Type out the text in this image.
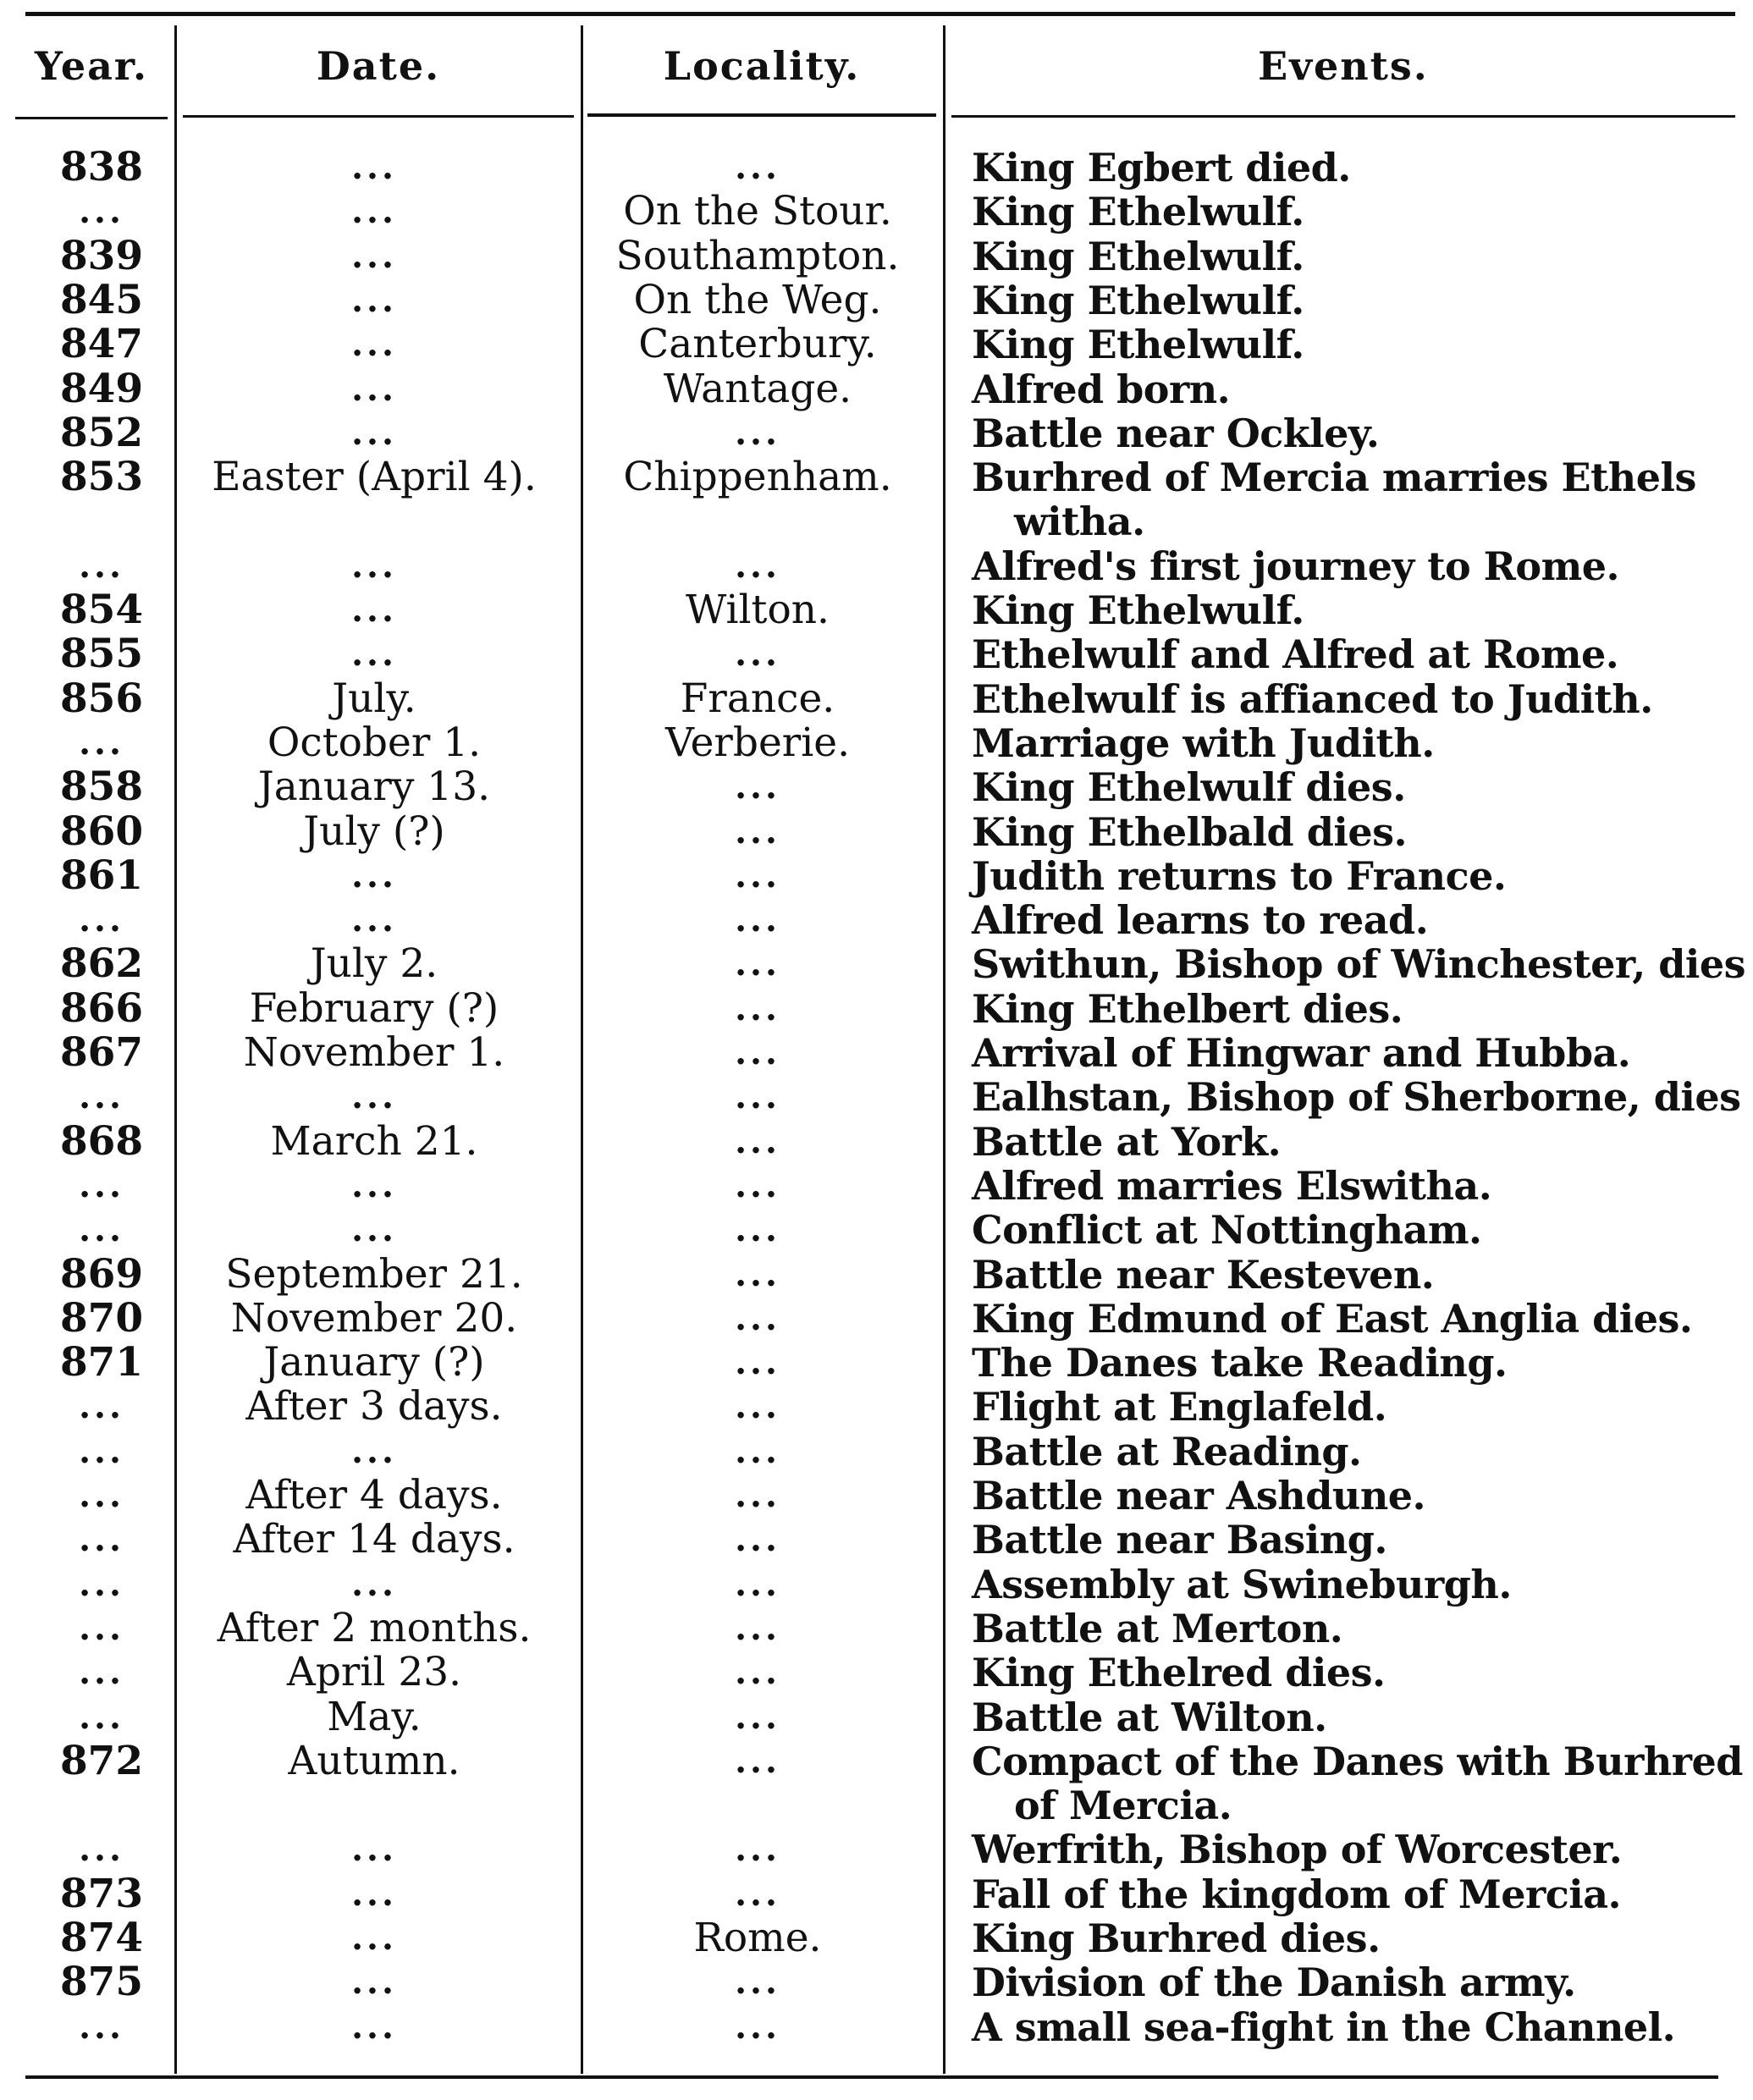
Year.	Date.	Locality.	Events.
838	...	...	King Egbert died.
...	...	On the Stour.	King Ethelwulf.
839	...	Southampton.	King Ethelwulf.
845	...	On the Weg.	King Ethelwulf.
847	...	Canterbury.	King Ethelwulf.
849	...	Wantage.	Alfred born.
852	...	...	Battle near Ockley.
853	Easter (April 4).	Chippenham.	Burhred of Mercia marries Ethels
witha.
...	...	...	Alfred's first journey to Rome.
854	...	Wilton.	King Ethelwulf.
855	...	...	Ethelwulf and Alfred at Rome.
856	July.	France.	Ethelwulf is affianced to Judith.
...	October 1.	Verberie.	Marriage with Judith.
858	January 13.	...	King Ethelwulf dies.
860	July (?)	...	King Ethelbald dies.
861	...	...	Judith returns to France.
...	...	...	Alfred learns to read.
862	July 2.	...	Swithun, Bishop of Winchester, dies
866	February (?)	...	King Ethelbert dies.
867	November 1.	...	Arrival of Hingwar and Hubba.
...	...	...	Ealhstan, Bishop of Sherborne, dies
868	March 21.	...	Battle at York.
...	...	...	Alfred marries Elswitha.
...	...	...	Conflict at Nottingham.
869	September 21.	...	Battle near Kesteven.
870	November 20.	...	King Edmund of East Anglia dies.
871	January (?)	...	The Danes take Reading.
...	After 3 days.	...	Flight at Englafeld.
...	...	...	Battle at Reading.
...	After 4 days.	...	Battle near Ashdune.
...	After 14 days.	...	Battle near Basing.
...	...	...	Assembly at Swineburgh.
...	After 2 months.	...	Battle at Merton.
...	April 23.	...	King Ethelred dies.
...	May.	...	Battle at Wilton.
872	Autumn.	...	Compact of the Danes with Burhred
of Mercia.
...	...	...	Werfrith, Bishop of Worcester.
873	...	...	Fall of the kingdom of Mercia.
874	...	Rome.	King Burhred dies.
875	...	...	Division of the Danish army.
...	...	...	A small sea-fight in the Channel.
